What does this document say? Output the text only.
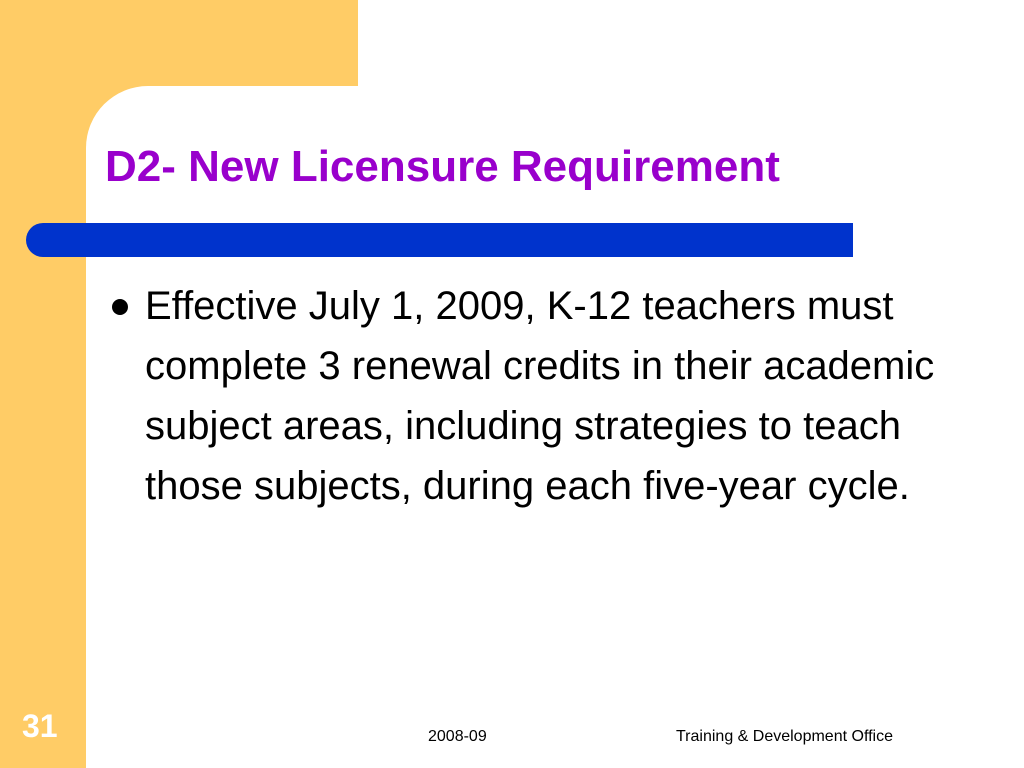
D2- New Licensure Requirement

Effective July 1, 2009, K-12 teachers must complete 3 renewal credits in their academic subject areas, including strategies to teach those subjects, during each five-year cycle.

31	2008-09	Training & Development Office
